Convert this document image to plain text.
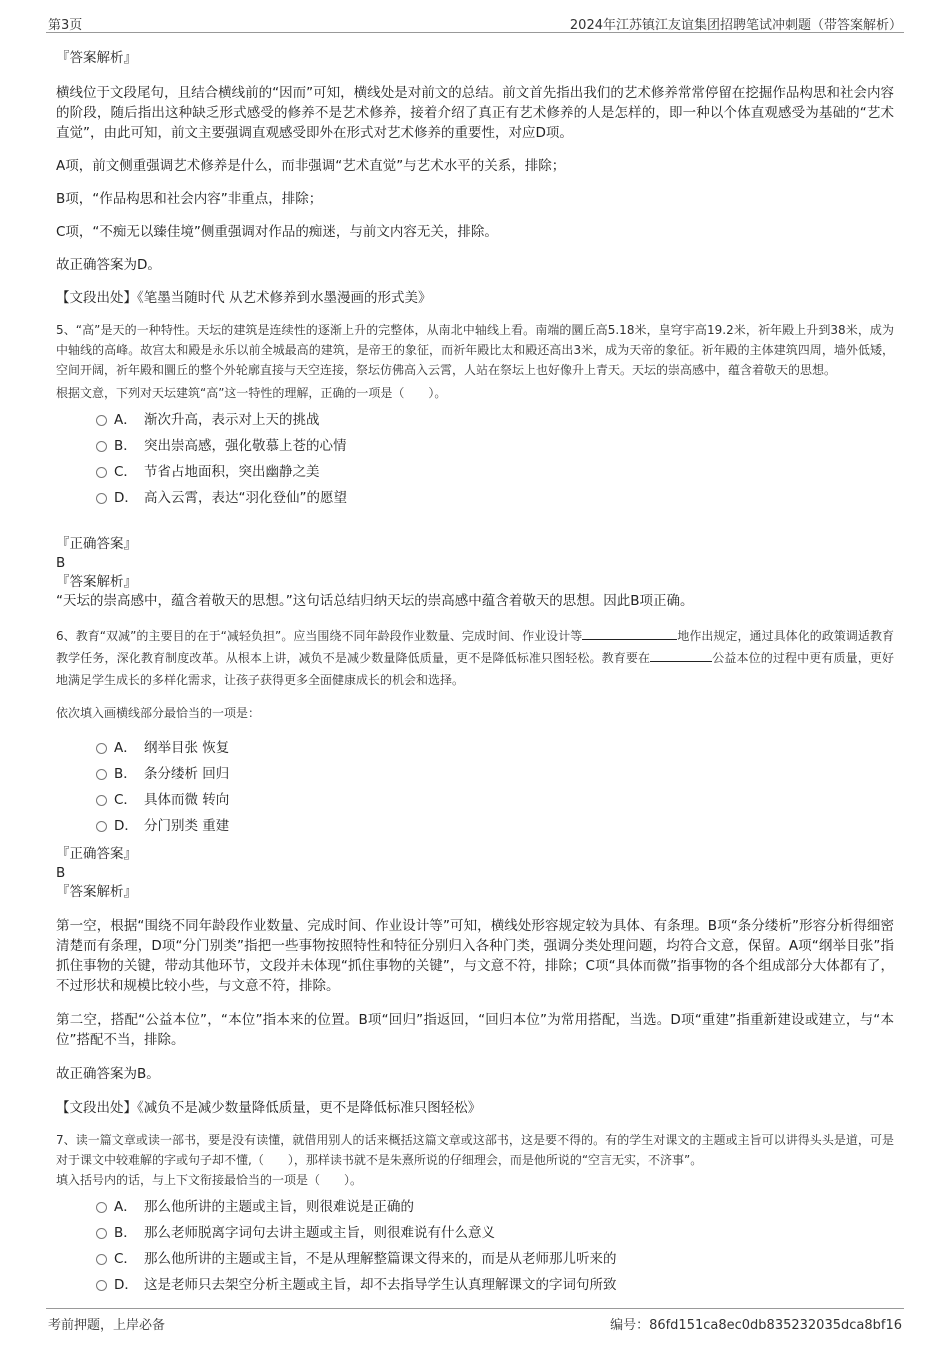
第3页	2024年江苏镇江友谊集团招聘笔试冲刺题（带答案解析）

『答案解析』

横线位于文段尾句，且结合横线前的“因而”可知，横线处是对前文的总结。前文首先指出我们的艺术修养常常停留在挖掘作品构思和社会内容的阶段，随后指出这种缺乏形式感受的修养不是艺术修养，接着介绍了真正有艺术修养的人是怎样的，即一种以个体直观感受为基础的“艺术直觉”，由此可知，前文主要强调直观感受即外在形式对艺术修养的重要性，对应D项。

A项，前文侧重强调艺术修养是什么，而非强调“艺术直觉”与艺术水平的关系，排除；

B项，“作品构思和社会内容”非重点，排除；

C项，“不痴无以臻佳境”侧重强调对作品的痴迷，与前文内容无关，排除。

故正确答案为D。

【文段出处】《笔墨当随时代 从艺术修养到水墨漫画的形式美》

5、“高”是天的一种特性。天坛的建筑是连续性的逐渐上升的完整体，从南北中轴线上看。南端的圜丘高5.18米，皇穹宇高19.2米，祈年殿上升到38米，成为中轴线的高峰。故宫太和殿是永乐以前全城最高的建筑，是帝王的象征，而祈年殿比太和殿还高出3米，成为天帝的象征。祈年殿的主体建筑四周，墙外低矮，空间开阔，祈年殿和圜丘的整个外轮廓直接与天空连接，祭坛仿佛高入云霄，人站在祭坛上也好像升上青天。天坛的崇高感中，蕴含着敬天的思想。

根据文意，下列对天坛建筑“高”这一特性的理解，正确的一项是（　　）。

A． 渐次升高，表示对上天的挑战
B． 突出崇高感，强化敬慕上苍的心情
C． 节省占地面积，突出幽静之美
D． 高入云霄，表达“羽化登仙”的愿望

『正确答案』

B

『答案解析』

“天坛的崇高感中，蕴含着敬天的思想。”这句话总结归纳天坛的崇高感中蕴含着敬天的思想。因此B项正确。

6、教育“双减”的主要目的在于“减轻负担”。应当围绕不同年龄段作业数量、完成时间、作业设计等	地作出规定，通过具体化的政策调适教育教学任务，深化教育制度改革。从根本上讲，减负不是减少数量降低质量，更不是降低标准只图轻松。教育要在	公益本位的过程中更有质量，更好地满足学生成长的多样化需求，让孩子获得更多全面健康成长的机会和选择。

依次填入画横线部分最恰当的一项是：

A． 纲举目张 恢复
B． 条分缕析 回归
C． 具体而微 转向
D． 分门别类 重建

『正确答案』

B

『答案解析』

第一空，根据“围绕不同年龄段作业数量、完成时间、作业设计等”可知，横线处形容规定较为具体、有条理。B项“条分缕析”形容分析得细密清楚而有条理，D项“分门别类”指把一些事物按照特性和特征分别归入各种门类，强调分类处理问题，均符合文意，保留。A项“纲举目张”指抓住事物的关键，带动其他环节，文段并未体现“抓住事物的关键”，与文意不符，排除；C项“具体而微”指事物的各个组成部分大体都有了，不过形状和规模比较小些，与文意不符，排除。

第二空，搭配“公益本位”，“本位”指本来的位置。B项“回归”指返回，“回归本位”为常用搭配，当选。D项“重建”指重新建设或建立，与“本位”搭配不当，排除。

故正确答案为B。

【文段出处】《减负不是减少数量降低质量，更不是降低标准只图轻松》

7、读一篇文章或读一部书，要是没有读懂，就借用别人的话来概括这篇文章或这部书，这是要不得的。有的学生对课文的主题或主旨可以讲得头头是道，可是对于课文中较难解的字或句子却不懂,（　　），那样读书就不是朱熹所说的仔细理会，而是他所说的“空言无实，不济事”。

填入括号内的话，与上下文衔接最恰当的一项是（　　）。

A． 那么他所讲的主题或主旨，则很难说是正确的
B． 那么老师脱离字词句去讲主题或主旨，则很难说有什么意义
C． 那么他所讲的主题或主旨，不是从理解整篇课文得来的，而是从老师那儿听来的
D． 这是老师只去架空分析主题或主旨，却不去指导学生认真理解课文的字词句所致
考前押题，上岸必备	编号：86fd151ca8ec0db835232035dca8bf16
